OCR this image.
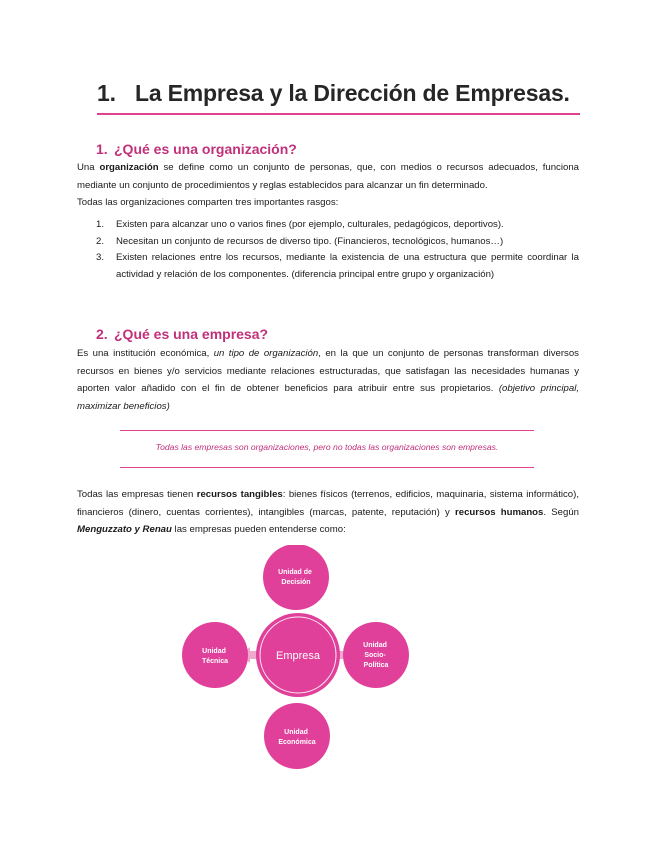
1. La Empresa y la Dirección de Empresas.
1. ¿Qué es una organización?

Una organización se define como un conjunto de personas, que, con medios o recursos adecuados, funciona mediante un conjunto de procedimientos y reglas establecidos para alcanzar un fin determinado.

Todas las organizaciones comparten tres importantes rasgos:

1. Existen para alcanzar uno o varios fines (por ejemplo, culturales, pedagógicos, deportivos).
2. Necesitan un conjunto de recursos de diverso tipo. (Financieros, tecnológicos, humanos…)
3. Existen relaciones entre los recursos, mediante la existencia de una estructura que permite coordinar la actividad y relación de los componentes. (diferencia principal entre grupo y organización)
2. ¿Qué es una empresa?

Es una institución económica, un tipo de organización, en la que un conjunto de personas transforman diversos recursos en bienes y/o servicios mediante relaciones estructuradas, que satisfagan las necesidades humanas y aporten valor añadido con el fin de obtener beneficios para atribuir entre sus propietarios. (objetivo principal, maximizar beneficios)

Todas las empresas son organizaciones, pero no todas las organizaciones son empresas.

Todas las empresas tienen recursos tangibles: bienes físicos (terrenos, edificios, maquinaria, sistema informático), financieros (dinero, cuentas corrientes), intangibles (marcas, patente, reputación) y recursos humanos. Según Menguzzato y Renau las empresas pueden entenderse como:

Empresa
Unidad de Decisión
Unidad Técnica
Unidad Socio- Política
Unidad Económica
